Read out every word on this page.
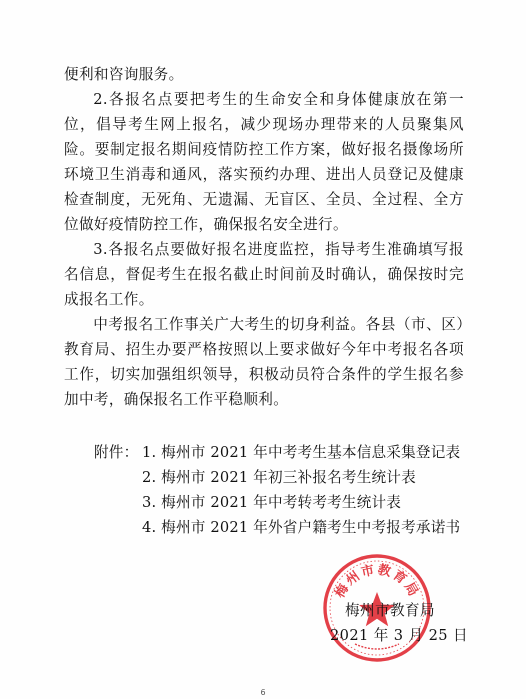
便利和咨询服务。

2.各报名点要把考生的生命安全和身体健康放在第一位，倡导考生网上报名，减少现场办理带来的人员聚集风险。要制定报名期间疫情防控工作方案，做好报名摄像场所环境卫生消毒和通风，落实预约办理、进出人员登记及健康检查制度，无死角、无遗漏、无盲区、全员、全过程、全方位做好疫情防控工作，确保报名安全进行。

3.各报名点要做好报名进度监控，指导考生准确填写报名信息，督促考生在报名截止时间前及时确认，确保按时完成报名工作。

中考报名工作事关广大考生的切身利益。各县（市、区）教育局、招生办要严格按照以上要求做好今年中考报名各项工作，切实加强组织领导，积极动员符合条件的学生报名参加中考，确保报名工作平稳顺利。

附件： 1. 梅州市 2021 年中考考生基本信息采集登记表
2. 梅州市 2021 年初三补报名考生统计表
3. 梅州市 2021 年中考转考考生统计表
4. 梅州市 2021 年外省户籍考生中考报考承诺书
梅州市教育局
梅州市教育局
2021 年 3 月 25 日
6
